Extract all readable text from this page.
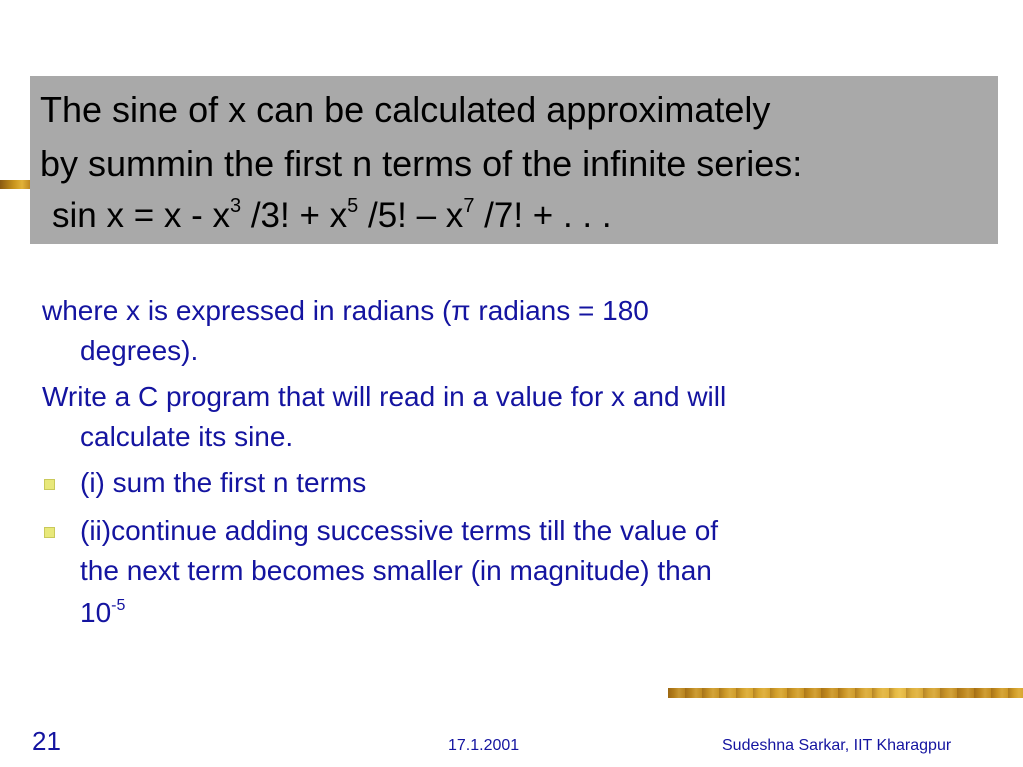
The sine of x can be calculated approximately
by summin the first n terms of the infinite series:
$\sin x = x - x^3$ /3! + $x^5$ /5! – $x^7$ /7! + . . .
where x is expressed in radians (π radians = 180
degrees).
Write a C program that will read in a value for x and will
calculate its sine.
(i) sum the first n terms
(ii)continue adding successive terms till the value of
the next term becomes smaller (in magnitude) than
$10^{-5}$
21	17.1.2001	Sudeshna Sarkar, IIT Kharagpur
